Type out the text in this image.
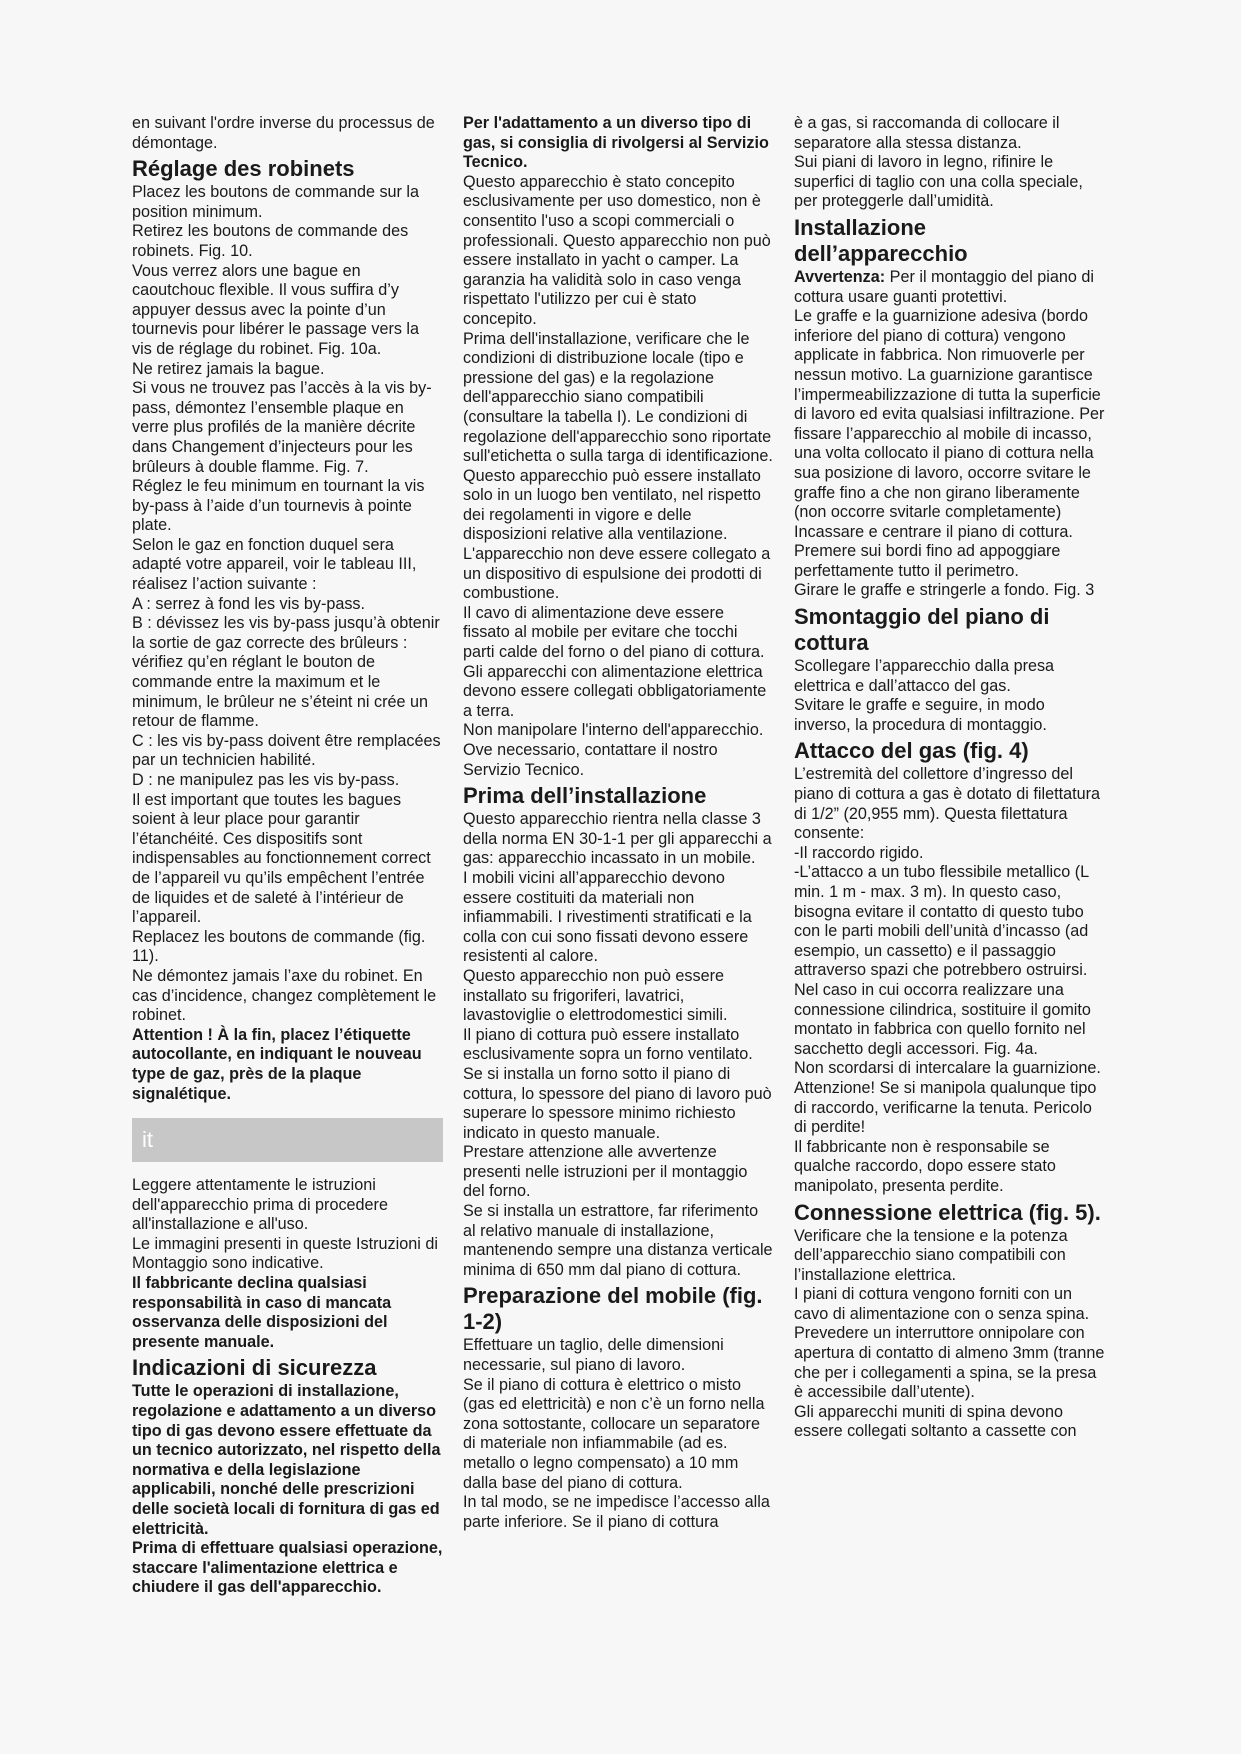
en suivant l'ordre inverse du processus de démontage.

Réglage des robinets

Placez les boutons de commande sur la position minimum.

Retirez les boutons de commande des robinets. Fig. 10.

Vous verrez alors une bague en caoutchouc flexible. Il vous suffira d’y appuyer dessus avec la pointe d’un tournevis pour libérer le passage vers la vis de réglage du robinet. Fig. 10a.

Ne retirez jamais la bague.

Si vous ne trouvez pas l’accès à la vis by-pass, démontez l’ensemble plaque en verre plus profilés de la manière décrite dans Changement d’injecteurs pour les brûleurs à double flamme. Fig. 7.

Réglez le feu minimum en tournant la vis by-pass à l’aide d’un tournevis à pointe plate.

Selon le gaz en fonction duquel sera adapté votre appareil, voir le tableau III, réalisez l’action suivante :

A : serrez à fond les vis by-pass.

B : dévissez les vis by-pass jusqu’à obtenir la sortie de gaz correcte des brûleurs : vérifiez qu’en réglant le bouton de commande entre la maximum et le minimum, le brûleur ne s’éteint ni crée un retour de flamme.

C : les vis by-pass doivent être remplacées par un technicien habilité.

D : ne manipulez pas les vis by-pass.

Il est important que toutes les bagues soient à leur place pour garantir l’étanchéité. Ces dispositifs sont indispensables au fonctionnement correct de l’appareil vu qu’ils empêchent l’entrée de liquides et de saleté à l’intérieur de l’appareil.

Replacez les boutons de commande (fig. 11).

Ne démontez jamais l’axe du robinet. En cas d’incidence, changez complètement le robinet.

Attention ! À la fin, placez l’étiquette autocollante, en indiquant le nouveau type de gaz, près de la plaque signalétique.

it

Leggere attentamente le istruzioni dell'apparecchio prima di procedere all'installazione e all'uso.

Le immagini presenti in queste Istruzioni di Montaggio sono indicative.

Il fabbricante declina qualsiasi responsabilità in caso di mancata osservanza delle disposizioni del presente manuale.

Indicazioni di sicurezza

Tutte le operazioni di installazione, regolazione e adattamento a un diverso tipo di gas devono essere effettuate da un tecnico autorizzato, nel rispetto della normativa e della legislazione applicabili, nonché delle prescrizioni delle società locali di fornitura di gas ed elettricità.

Prima di effettuare qualsiasi operazione, staccare l'alimentazione elettrica e chiudere il gas dell'apparecchio.

Per l'adattamento a un diverso tipo di gas, si consiglia di rivolgersi al Servizio Tecnico.

Questo apparecchio è stato concepito esclusivamente per uso domestico, non è consentito l'uso a scopi commerciali o professionali. Questo apparecchio non può essere installato in yacht o camper. La garanzia ha validità solo in caso venga rispettato l'utilizzo per cui è stato concepito.

Prima dell'installazione, verificare che le condizioni di distribuzione locale (tipo e pressione del gas) e la regolazione dell'apparecchio siano compatibili (consultare la tabella I). Le condizioni di regolazione dell'apparecchio sono riportate sull'etichetta o sulla targa di identificazione.

Questo apparecchio può essere installato solo in un luogo ben ventilato, nel rispetto dei regolamenti in vigore e delle disposizioni relative alla ventilazione. L'apparecchio non deve essere collegato a un dispositivo di espulsione dei prodotti di combustione.

Il cavo di alimentazione deve essere fissato al mobile per evitare che tocchi parti calde del forno o del piano di cottura.

Gli apparecchi con alimentazione elettrica devono essere collegati obbligatoriamente a terra.

Non manipolare l'interno dell'apparecchio. Ove necessario, contattare il nostro Servizio Tecnico.

Prima dell’installazione

Questo apparecchio rientra nella classe 3 della norma EN 30-1-1 per gli apparecchi a gas: apparecchio incassato in un mobile.

I mobili vicini all’apparecchio devono essere costituiti da materiali non infiammabili. I rivestimenti stratificati e la colla con cui sono fissati devono essere resistenti al calore.

Questo apparecchio non può essere installato su frigoriferi, lavatrici, lavastoviglie o elettrodomestici simili.

Il piano di cottura può essere installato esclusivamente sopra un forno ventilato.

Se si installa un forno sotto il piano di cottura, lo spessore del piano di lavoro può superare lo spessore minimo richiesto indicato in questo manuale.

Prestare attenzione alle avvertenze presenti nelle istruzioni per il montaggio del forno.

Se si installa un estrattore, far riferimento al relativo manuale di installazione, mantenendo sempre una distanza verticale minima di 650 mm dal piano di cottura.

Preparazione del mobile (fig. 1-2)

Effettuare un taglio, delle dimensioni necessarie, sul piano di lavoro.

Se il piano di cottura è elettrico o misto (gas ed elettricità) e non c’è un forno nella zona sottostante, collocare un separatore di materiale non infiammabile (ad es. metallo o legno compensato) a 10 mm dalla base del piano di cottura.

In tal modo, se ne impedisce l’accesso alla parte inferiore. Se il piano di cottura

è a gas, si raccomanda di collocare il separatore alla stessa distanza.

Sui piani di lavoro in legno, rifinire le superfici di taglio con una colla speciale, per proteggerle dall’umidità.

Installazione dell’apparecchio

Avvertenza: Per il montaggio del piano di cottura usare guanti protettivi.

Le graffe e la guarnizione adesiva (bordo inferiore del piano di cottura) vengono applicate in fabbrica. Non rimuoverle per nessun motivo. La guarnizione garantisce l’impermeabilizzazione di tutta la superficie di lavoro ed evita qualsiasi infiltrazione. Per fissare l’apparecchio al mobile di incasso, una volta collocato il piano di cottura nella sua posizione di lavoro, occorre svitare le graffe fino a che non girano liberamente (non occorre svitarle completamente) Incassare e centrare il piano di cottura.

Premere sui bordi fino ad appoggiare perfettamente tutto il perimetro.

Girare le graffe e stringerle a fondo. Fig. 3

Smontaggio del piano di cottura

Scollegare l’apparecchio dalla presa elettrica e dall’attacco del gas.

Svitare le graffe e seguire, in modo inverso, la procedura di montaggio.

Attacco del gas (fig. 4)

L’estremità del collettore d’ingresso del piano di cottura a gas è dotato di filettatura di 1/2” (20,955 mm). Questa filettatura consente:

-Il raccordo rigido.

-L’attacco a un tubo flessibile metallico (L min. 1 m - max. 3 m). In questo caso, bisogna evitare il contatto di questo tubo con le parti mobili dell’unità d’incasso (ad esempio, un cassetto) e il passaggio attraverso spazi che potrebbero ostruirsi.

Nel caso in cui occorra realizzare una connessione cilindrica, sostituire il gomito montato in fabbrica con quello fornito nel sacchetto degli accessori. Fig. 4a.

Non scordarsi di intercalare la guarnizione.

Attenzione! Se si manipola qualunque tipo di raccordo, verificarne la tenuta. Pericolo di perdite!

Il fabbricante non è responsabile se qualche raccordo, dopo essere stato manipolato, presenta perdite.

Connessione elettrica (fig. 5).

Verificare che la tensione e la potenza dell’apparecchio siano compatibili con l’installazione elettrica.

I piani di cottura vengono forniti con un cavo di alimentazione con o senza spina.

Prevedere un interruttore onnipolare con apertura di contatto di almeno 3mm (tranne che per i collegamenti a spina, se la presa è accessibile dall’utente).

Gli apparecchi muniti di spina devono essere collegati soltanto a cassette con
